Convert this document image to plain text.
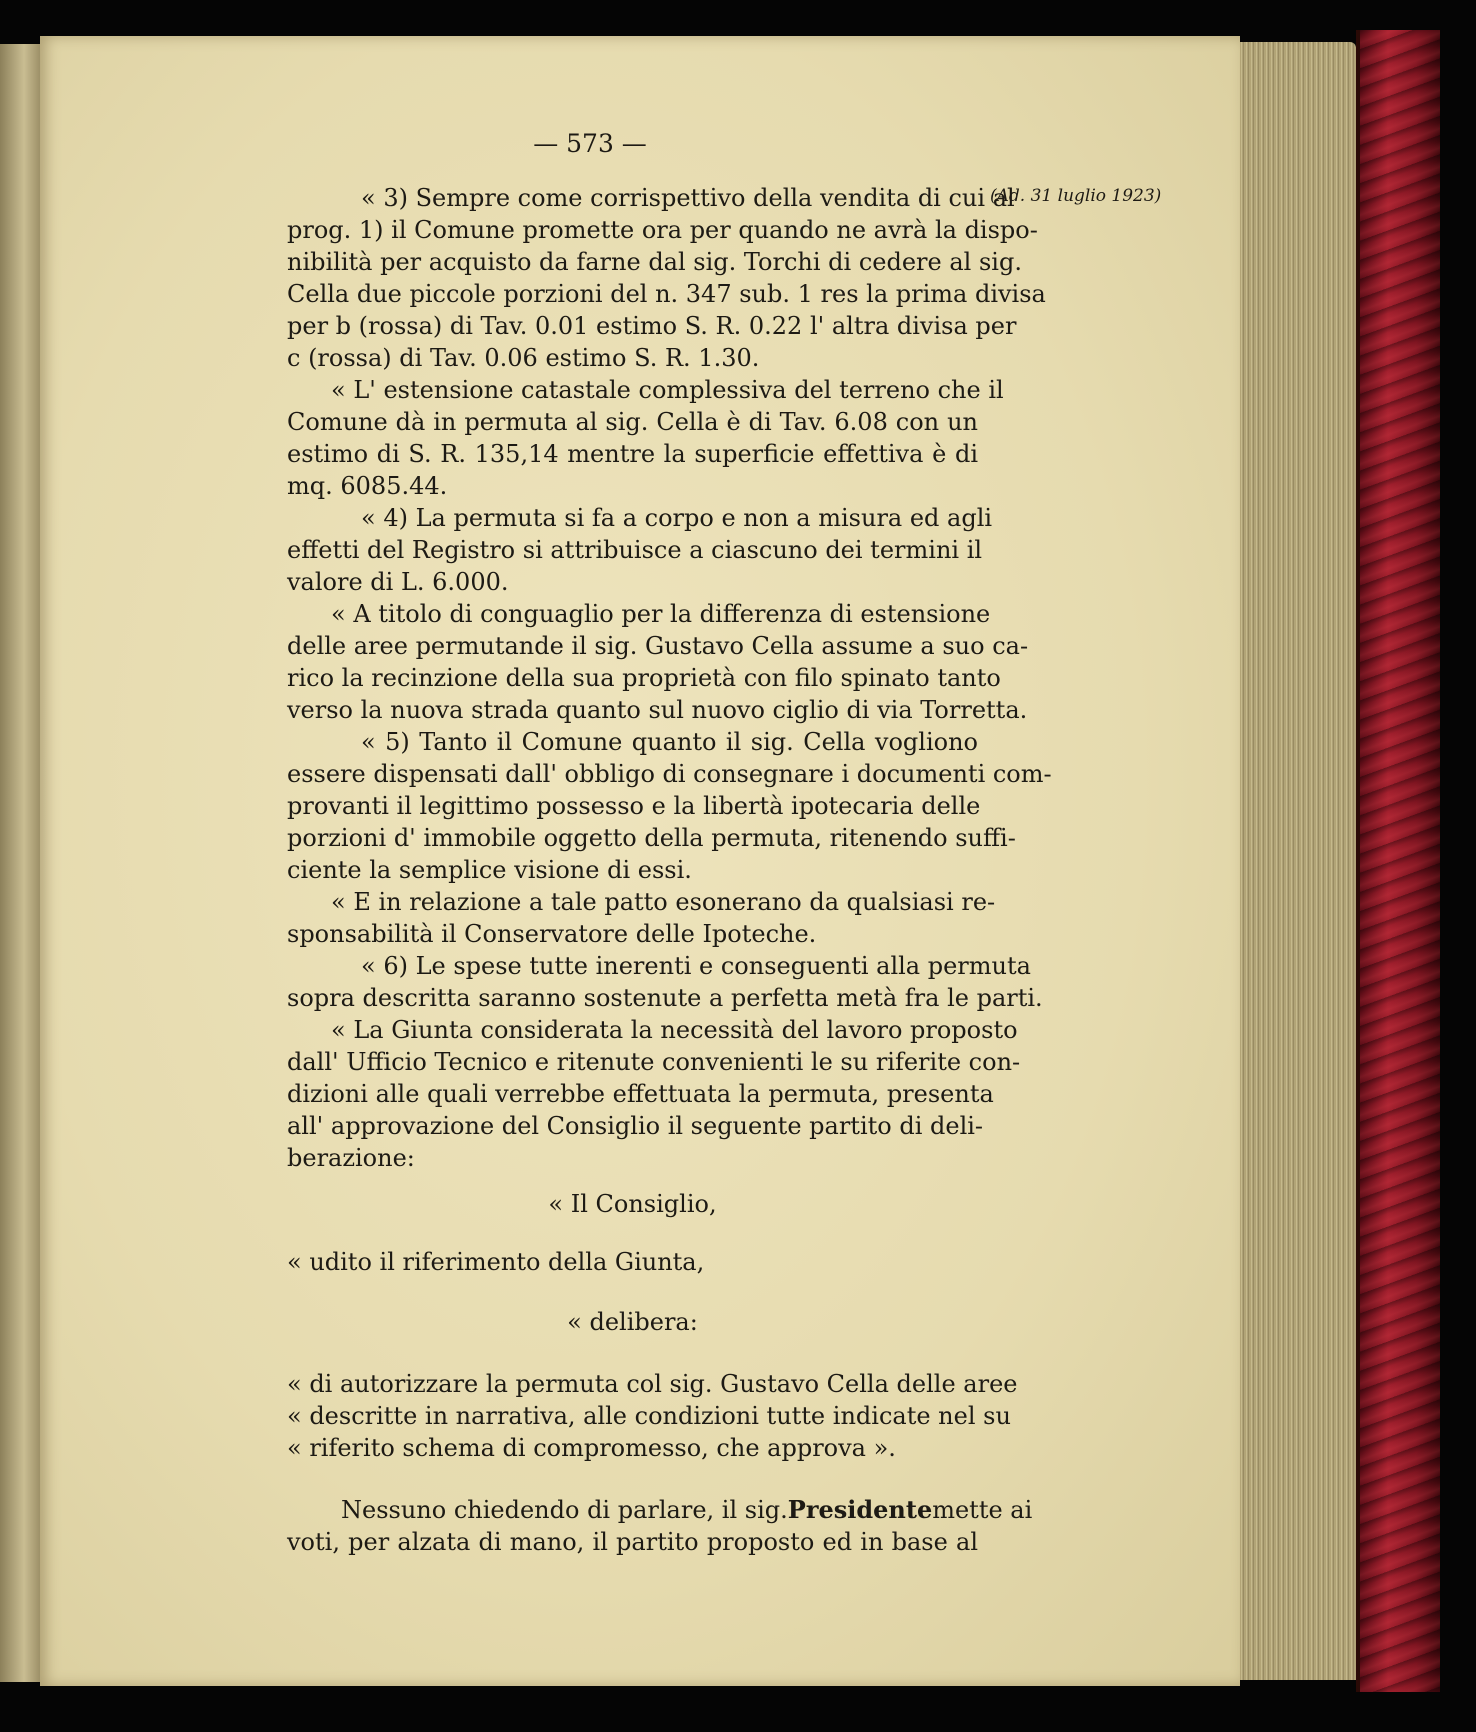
— 573 —
(Ad. 31 luglio 1923)
« 3) Sempre come corrispettivo della vendita di cui al
prog. 1) il Comune promette ora per quando ne avrà la dispo-
nibilità per acquisto da farne dal sig. Torchi di cedere al sig.
Cella due piccole porzioni del n. 347 sub. 1 res la prima divisa
per b (rossa) di Tav. 0.01 estimo S. R. 0.22 l' altra divisa per
c (rossa) di Tav. 0.06 estimo S. R. 1.30.
« L' estensione catastale complessiva del terreno che il
Comune dà in permuta al sig. Cella è di Tav. 6.08 con un
estimo di S. R. 135,14 mentre la superficie effettiva è di
mq. 6085.44.
« 4) La permuta si fa a corpo e non a misura ed agli
effetti del Registro si attribuisce a ciascuno dei termini il
valore di L. 6.000.
« A titolo di conguaglio per la differenza di estensione
delle aree permutande il sig. Gustavo Cella assume a suo ca-
rico la recinzione della sua proprietà con filo spinato tanto
verso la nuova strada quanto sul nuovo ciglio di via Torretta.
« 5) Tanto il Comune quanto il sig. Cella vogliono
essere dispensati dall' obbligo di consegnare i documenti com-
provanti il legittimo possesso e la libertà ipotecaria delle
porzioni d' immobile oggetto della permuta, ritenendo suffi-
ciente la semplice visione di essi.
« E in relazione a tale patto esonerano da qualsiasi re-
sponsabilità il Conservatore delle Ipoteche.
« 6) Le spese tutte inerenti e conseguenti alla permuta
sopra descritta saranno sostenute a perfetta metà fra le parti.
« La Giunta considerata la necessità del lavoro proposto
dall' Ufficio Tecnico e ritenute convenienti le su riferite con-
dizioni alle quali verrebbe effettuata la permuta, presenta
all' approvazione del Consiglio il seguente partito di deli-
berazione:
« Il Consiglio,
« udito il riferimento della Giunta,
« delibera:
« di autorizzare la permuta col sig. Gustavo Cella delle aree
« descritte in narrativa, alle condizioni tutte indicate nel su
« riferito schema di compromesso, che approva ».
Nessuno chiedendo di parlare, il sig. Presidente mette ai
voti, per alzata di mano, il partito proposto ed in base al
